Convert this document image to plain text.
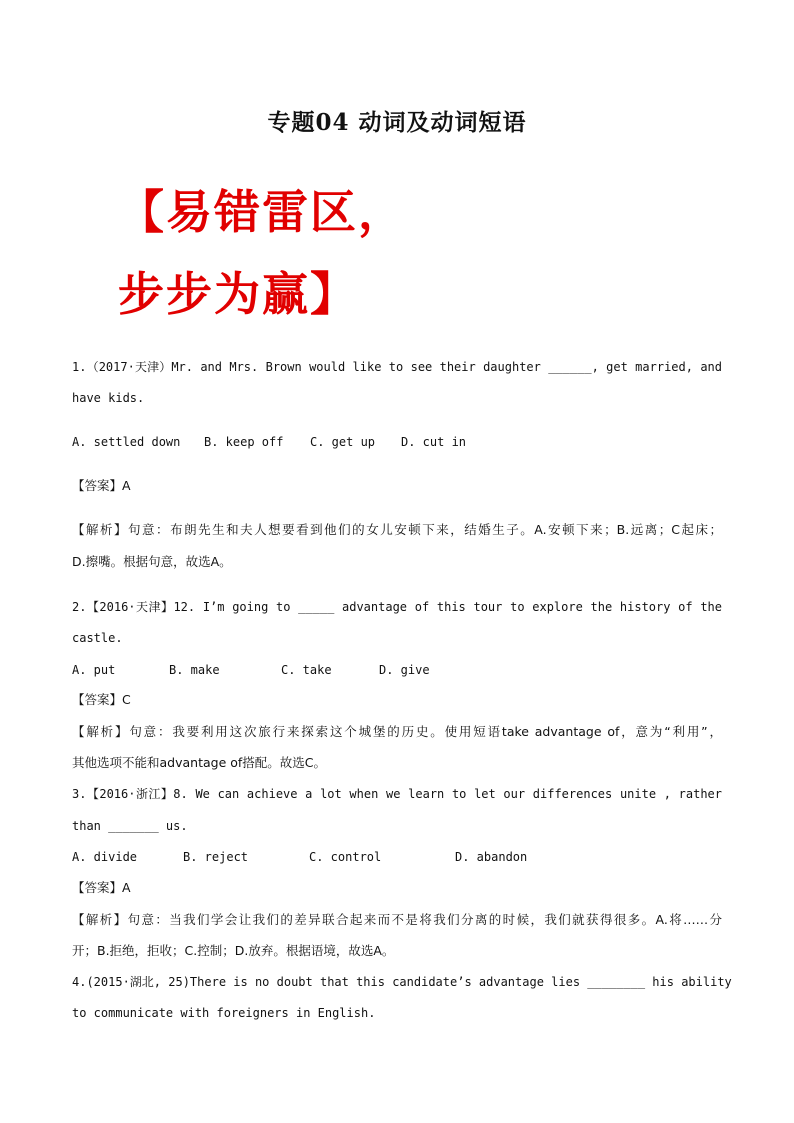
专题04 动词及动词短语
【易错雷区，
步步为赢】
1.（2017·天津）Mr. and Mrs. Brown would like to see their daughter ______, get married, and
have kids.
A. settled down B. keep off C. get up D. cut in
【答案】A
【解析】句意：布朗先生和夫人想要看到他们的女儿安顿下来，结婚生子。A.安顿下来；B.远离；C起床；
D.擦嘴。根据句意，故选A。
2.【2016·天津】12. I’m going to _____ advantage of this tour to explore the history of the
castle.
A. put	B. make	C. take	D. give
【答案】C
【解析】句意：我要利用这次旅行来探索这个城堡的历史。使用短语take advantage of，意为“利用”，
其他选项不能和advantage of搭配。故选C。
3.【2016·浙江】8. We can achieve a lot when we learn to let our differences unite , rather
than _______ us.
A. divide	B. reject	C. control	D. abandon
【答案】A
【解析】句意：当我们学会让我们的差异联合起来而不是将我们分离的时候，我们就获得很多。A.将……分
开；B.拒绝，拒收；C.控制；D.放弃。根据语境，故选A。
4.(2015·湖北, 25)There is no doubt that this candidate’s advantage lies ________ his ability
to communicate with foreigners in English.
